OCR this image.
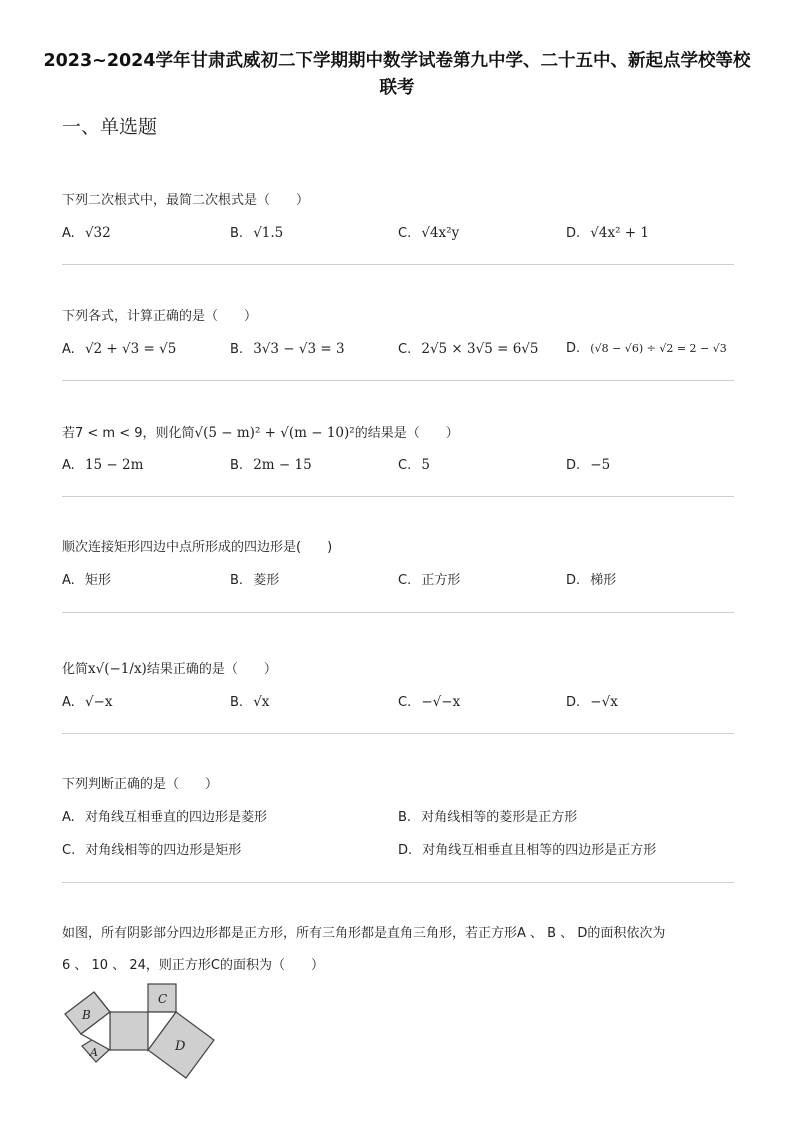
2023~2024学年甘肃武威初二下学期期中数学试卷第九中学、二十五中、新起点学校等校联考
一、单选题
下列二次根式中，最简二次根式是（　　）
A. √32	B. √1.5	C. √4x²y	D. √4x² + 1
下列各式，计算正确的是（　　）
A. √2 + √3 = √5	B. 3√3 − √3 = 3	C. 2√5 × 3√5 = 6√5 D. (√8 − √6) ÷ √2 = 2 − √3
若7 < m < 9，则化简√(5 − m)² + √(m − 10)²的结果是（　　）
A. 15 − 2m	B. 2m − 15	C. 5	D. −5
顺次连接矩形四边中点所形成的四边形是(　　)
A. 矩形	B. 菱形	C. 正方形	D. 梯形
化简x√(−1/x)结果正确的是（　　）
A. √−x	B. √x	C. −√−x	D. −√x
下列判断正确的是（　　）
A. 对角线互相垂直的四边形是菱形	B. 对角线相等的菱形是正方形
C. 对角线相等的四边形是矩形	D. 对角线互相垂直且相等的四边形是正方形
如图，所有阴影部分四边形都是正方形，所有三角形都是直角三角形，若正方形A 、 B 、 D的面积依次为
6 、 10 、 24，则正方形C的面积为（　　）
B
A
C
D
